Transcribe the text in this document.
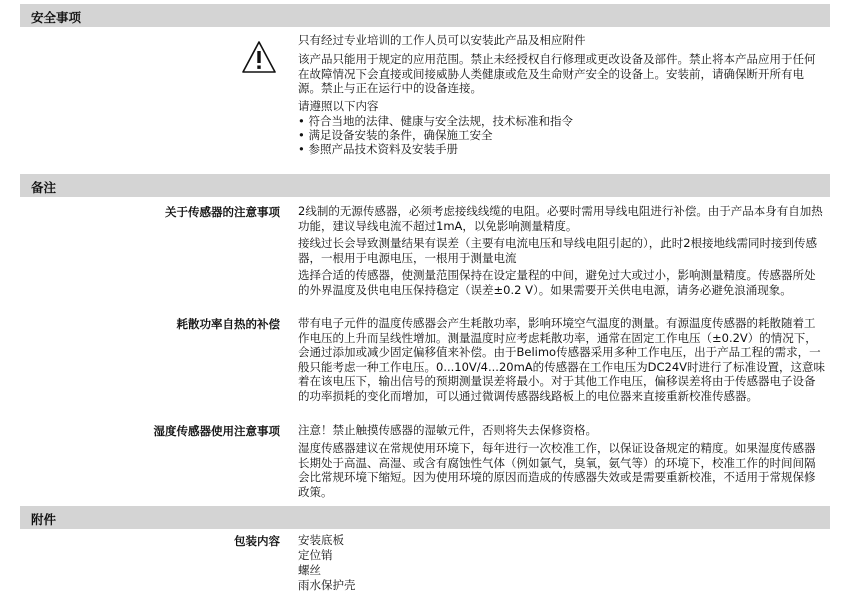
安全事项
只有经过专业培训的工作人员可以安装此产品及相应附件
该产品只能用于规定的应用范围。禁止未经授权自行修理或更改设备及部件。禁止将本产品应用于任何在故障情况下会直接或间接威胁人类健康或危及生命财产安全的设备上。安装前，请确保断开所有电源。禁止与正在运行中的设备连接。
请遵照以下内容
• 符合当地的法律、健康与安全法规，技术标准和指令
• 满足设备安装的条件，确保施工安全
• 参照产品技术资料及安装手册
备注
关于传感器的注意事项 2线制的无源传感器，必须考虑接线线缆的电阻。必要时需用导线电阻进行补偿。由于产品本身有自加热功能，建议导线电流不超过1mA，以免影响测量精度。
接线过长会导致测量结果有误差（主要有电流电压和导线电阻引起的），此时2根接地线需同时接到传感器，一根用于电源电压，一根用于测量电流
选择合适的传感器，使测量范围保持在设定量程的中间，避免过大或过小，影响测量精度。传感器所处的外界温度及供电电压保持稳定（误差±0.2 V）。如果需要开关供电电源，请务必避免浪涌现象。
耗散功率自热的补偿 带有电子元件的温度传感器会产生耗散功率，影响环境空气温度的测量。有源温度传感器的耗散随着工作电压的上升而呈线性增加。测量温度时应考虑耗散功率，通常在固定工作电压（±0.2V）的情况下，会通过添加或减少固定偏移值来补偿。由于Belimo传感器采用多种工作电压，出于产品工程的需求，一般只能考虑一种工作电压。0...10V/4...20mA的传感器在工作电压为DC24V时进行了标准设置，这意味着在该电压下，输出信号的预期测量误差将最小。对于其他工作电压，偏移误差将由于传感器电子设备的功率损耗的变化而增加，可以通过微调传感器线路板上的电位器来直接重新校准传感器。
湿度传感器使用注意事项 注意！禁止触摸传感器的湿敏元件，否则将失去保修资格。
湿度传感器建议在常规使用环境下，每年进行一次校准工作，以保证设备规定的精度。如果湿度传感器长期处于高温、高湿、或含有腐蚀性气体（例如氯气，臭氧，氨气等）的环境下，校准工作的时间间隔会比常规环境下缩短。因为使用环境的原因而造成的传感器失效或是需要重新校准，不适用于常规保修政策。
附件
包装内容 安装底板
定位销
螺丝
雨水保护壳
